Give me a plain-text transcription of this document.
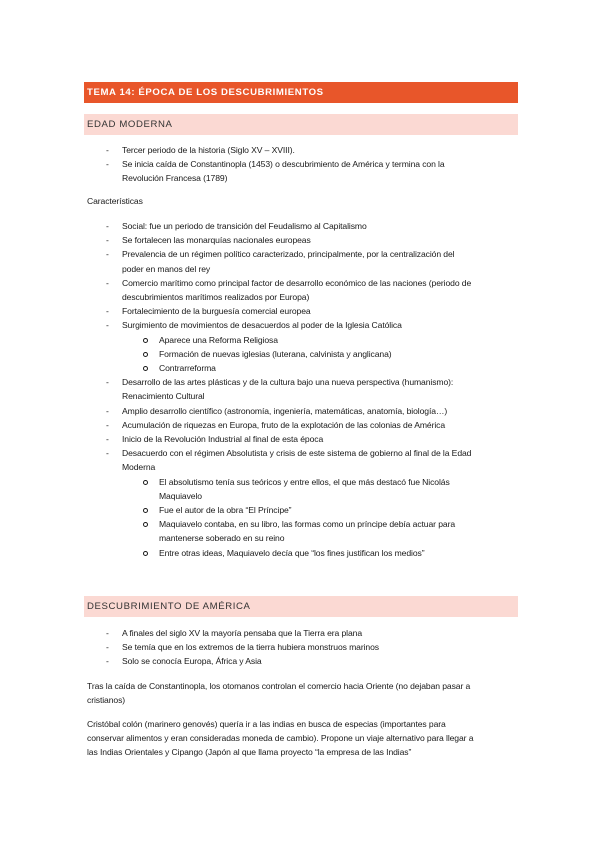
TEMA 14: ÉPOCA DE LOS DESCUBRIMIENTOS
EDAD MODERNA
DESCUBRIMIENTO DE AMÉRICA
Características
- Tercer periodo de la historia (Siglo XV – XVIII).
- Se inicia caída de Constantinopla (1453) o descubrimiento de América y termina con la
Revolución Francesa (1789)
- Social: fue un periodo de transición del Feudalismo al Capitalismo
- Se fortalecen las monarquías nacionales europeas
- Prevalencia de un régimen político caracterizado, principalmente, por la centralización del
poder en manos del rey
- Comercio marítimo como principal factor de desarrollo económico de las naciones (periodo de
descubrimientos marítimos realizados por Europa)
- Fortalecimiento de la burguesía comercial europea
- Surgimiento de movimientos de desacuerdos al poder de la Iglesia Católica
Aparece una Reforma Religiosa
Formación de nuevas iglesias (luterana, calvinista y anglicana)
Contrarreforma
- Desarrollo de las artes plásticas y de la cultura bajo una nueva perspectiva (humanismo):
Renacimiento Cultural
- Amplio desarrollo científico (astronomía, ingeniería, matemáticas, anatomía, biología…)
- Acumulación de riquezas en Europa, fruto de la explotación de las colonias de América
- Inicio de la Revolución Industrial al final de esta época
- Desacuerdo con el régimen Absolutista y crisis de este sistema de gobierno al final de la Edad
Moderna
El absolutismo tenía sus teóricos y entre ellos, el que más destacó fue Nicolás
Maquiavelo
Fue el autor de la obra “El Príncipe”
Maquiavelo contaba, en su libro, las formas como un príncipe debía actuar para
mantenerse soberado en su reino
Entre otras ideas, Maquiavelo decía que “los fines justifican los medios”
- A finales del siglo XV la mayoría pensaba que la Tierra era plana
- Se temía que en los extremos de la tierra hubiera monstruos marinos
- Solo se conocía Europa, África y Asia
Tras la caída de Constantinopla, los otomanos controlan el comercio hacia Oriente (no dejaban pasar a
cristianos)
Cristóbal colón (marinero genovés) quería ir a las indias en busca de especias (importantes para
conservar alimentos y eran consideradas moneda de cambio). Propone un viaje alternativo para llegar a
las Indias Orientales y Cipango (Japón al que llama proyecto “la empresa de las Indias”
